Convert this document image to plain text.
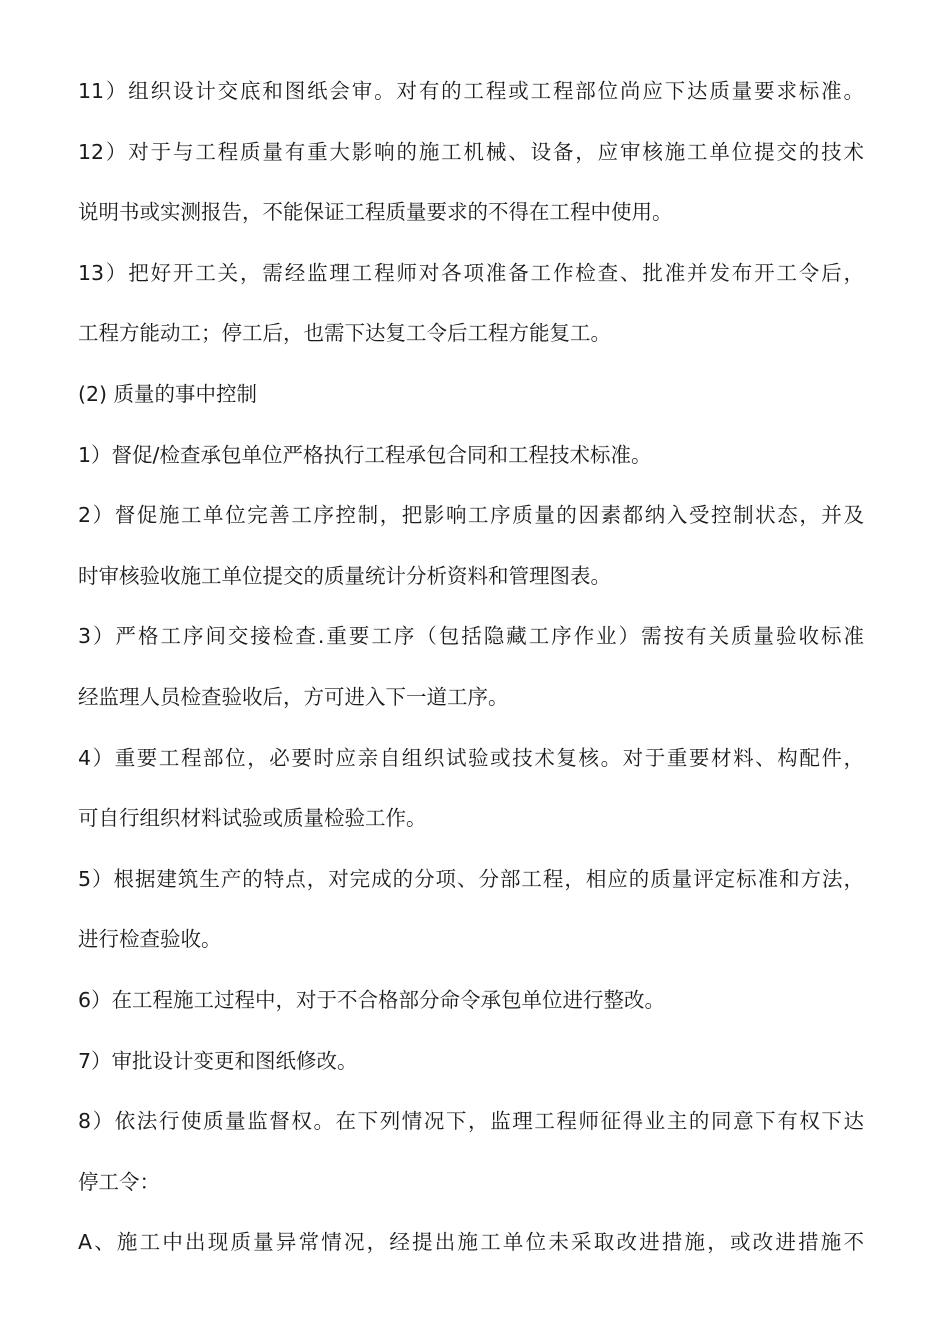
11）组织设计交底和图纸会审。对有的工程或工程部位尚应下达质量要求标准。
12）对于与工程质量有重大影响的施工机械、设备，应审核施工单位提交的技术
说明书或实测报告，不能保证工程质量要求的不得在工程中使用。
13）把好开工关，需经监理工程师对各项准备工作检查、批准并发布开工令后，
工程方能动工；停工后，也需下达复工令后工程方能复工。
(2) 质量的事中控制
1）督促/检查承包单位严格执行工程承包合同和工程技术标准。
2）督促施工单位完善工序控制，把影响工序质量的因素都纳入受控制状态，并及
时审核验收施工单位提交的质量统计分析资料和管理图表。
3）严格工序间交接检查.重要工序（包括隐藏工序作业）需按有关质量验收标准
经监理人员检查验收后，方可进入下一道工序。
4）重要工程部位，必要时应亲自组织试验或技术复核。对于重要材料、构配件，
可自行组织材料试验或质量检验工作。
5）根据建筑生产的特点，对完成的分项、分部工程，相应的质量评定标准和方法，
进行检查验收。
6）在工程施工过程中，对于不合格部分命令承包单位进行整改。
7）审批设计变更和图纸修改。
8）依法行使质量监督权。在下列情况下，监理工程师征得业主的同意下有权下达
停工令：
A、施工中出现质量异常情况，经提出施工单位未采取改进措施，或改进措施不
